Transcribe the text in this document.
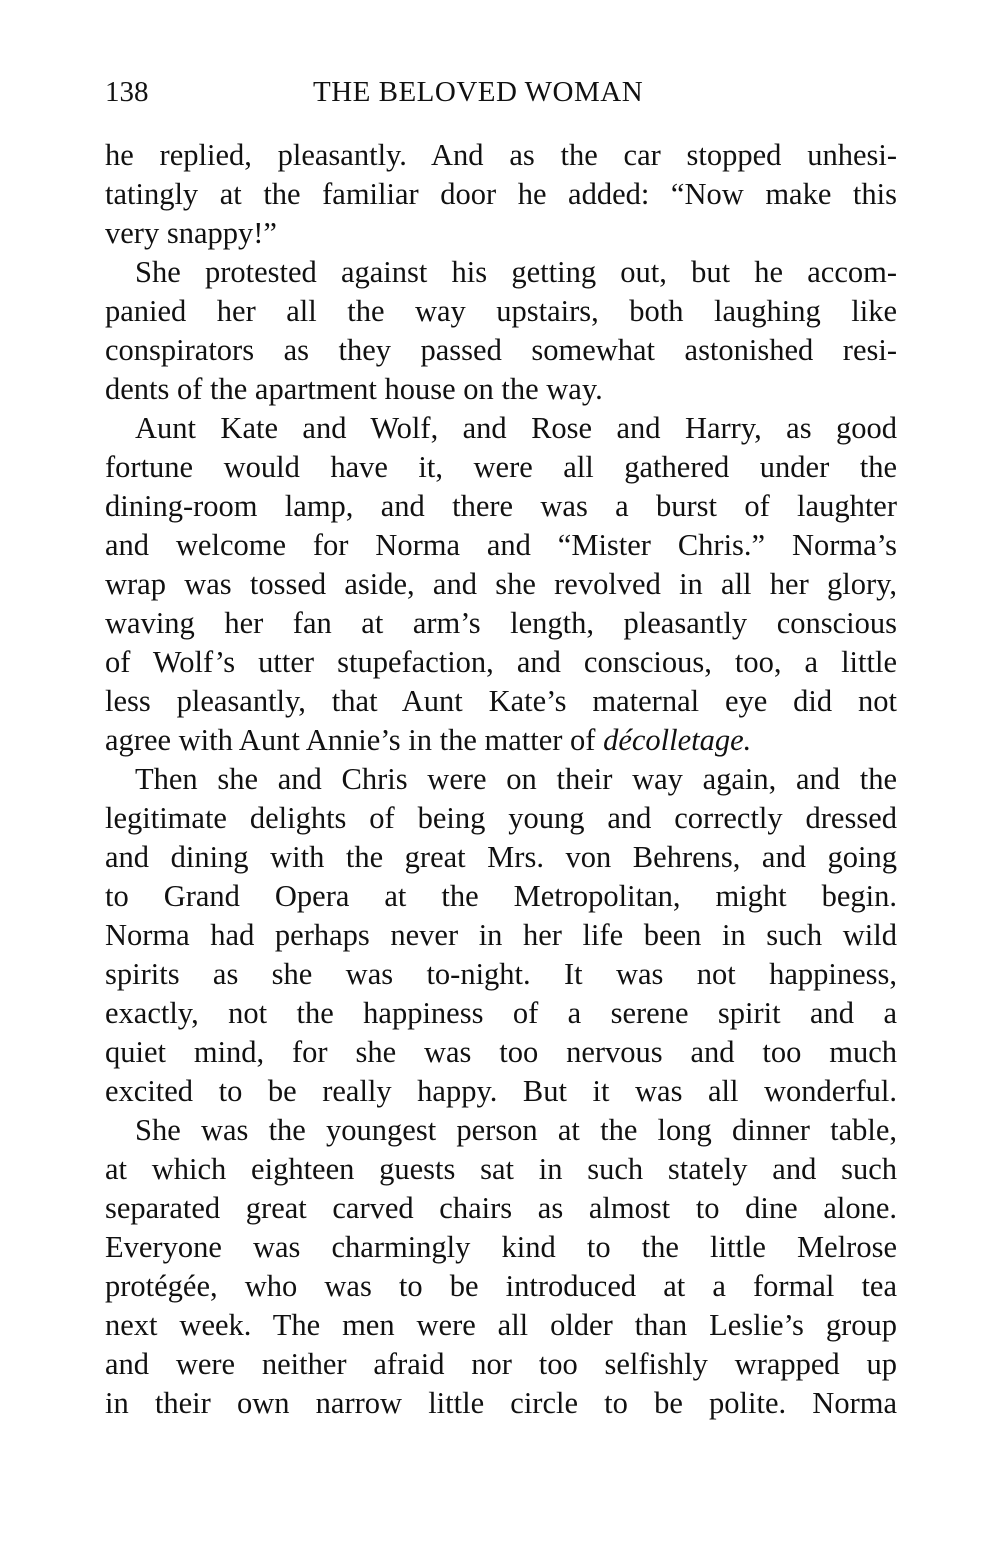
138	THE BELOVED WOMAN
he replied, pleasantly. And as the car stopped unhesi-
tatingly at the familiar door he added: “Now make this
very snappy!”
She protested against his getting out, but he accom-
panied her all the way upstairs, both laughing like
conspirators as they passed somewhat astonished resi-
dents of the apartment house on the way.
Aunt Kate and Wolf, and Rose and Harry, as good
fortune would have it, were all gathered under the
dining-room lamp, and there was a burst of laughter
and welcome for Norma and “Mister Chris.” Norma’s
wrap was tossed aside, and she revolved in all her glory,
waving her fan at arm’s length, pleasantly conscious
of Wolf’s utter stupefaction, and conscious, too, a little
less pleasantly, that Aunt Kate’s maternal eye did not
agree with Aunt Annie’s in the matter of décolletage.
Then she and Chris were on their way again, and the
legitimate delights of being young and correctly dressed
and dining with the great Mrs. von Behrens, and going
to Grand Opera at the Metropolitan, might begin.
Norma had perhaps never in her life been in such wild
spirits as she was to-night. It was not happiness,
exactly, not the happiness of a serene spirit and a
quiet mind, for she was too nervous and too much
excited to be really happy. But it was all wonderful.
She was the youngest person at the long dinner table,
at which eighteen guests sat in such stately and such
separated great carved chairs as almost to dine alone.
Everyone was charmingly kind to the little Melrose
protégée, who was to be introduced at a formal tea
next week. The men were all older than Leslie’s group
and were neither afraid nor too selfishly wrapped up
in their own narrow little circle to be polite. Norma
